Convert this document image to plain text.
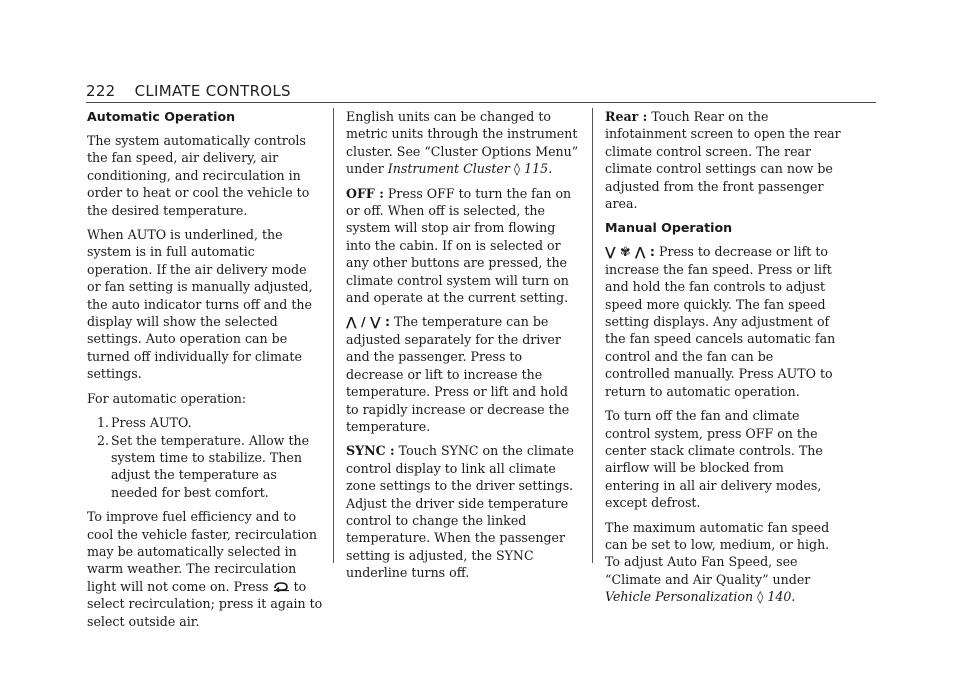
222 CLIMATE CONTROLS
Automatic Operation

The system automatically controls the fan speed, air delivery, air conditioning, and recirculation in order to heat or cool the vehicle to the desired temperature.

When AUTO is underlined, the system is in full automatic operation. If the air delivery mode or fan setting is manually adjusted, the auto indicator turns off and the display will show the selected settings. Auto operation can be turned off individually for climate settings.

For automatic operation:

1. Press AUTO.
2. Set the temperature. Allow the system time to stabilize. Then adjust the temperature as needed for best comfort.

To improve fuel efficiency and to cool the vehicle faster, recirculation may be automatically selected in warm weather. The recirculation light will not come on. Press to select recirculation; press it again to select outside air.

English units can be changed to metric units through the instrument cluster. See “Cluster Options Menu” under Instrument Cluster ◊ 115.

OFF : Press OFF to turn the fan on or off. When off is selected, the system will stop air from flowing into the cabin. If on is selected or any other buttons are pressed, the climate control system will turn on and operate at the current setting.

⋀ / ⋁ : The temperature can be adjusted separately for the driver and the passenger. Press to decrease or lift to increase the temperature. Press or lift and hold to rapidly increase or decrease the temperature.

SYNC : Touch SYNC on the climate control display to link all climate zone settings to the driver settings. Adjust the driver side temperature control to change the linked temperature. When the passenger setting is adjusted, the SYNC underline turns off.

Rear : Touch Rear on the infotainment screen to open the rear climate control screen. The rear climate control settings can now be adjusted from the front passenger area.

Manual Operation

⋁ ✾ ⋀ : Press to decrease or lift to increase the fan speed. Press or lift and hold the fan controls to adjust speed more quickly. The fan speed setting displays. Any adjustment of the fan speed cancels automatic fan control and the fan can be controlled manually. Press AUTO to return to automatic operation.

To turn off the fan and climate control system, press OFF on the center stack climate controls. The airflow will be blocked from entering in all air delivery modes, except defrost.

The maximum automatic fan speed can be set to low, medium, or high. To adjust Auto Fan Speed, see “Climate and Air Quality” under Vehicle Personalization ◊ 140.
